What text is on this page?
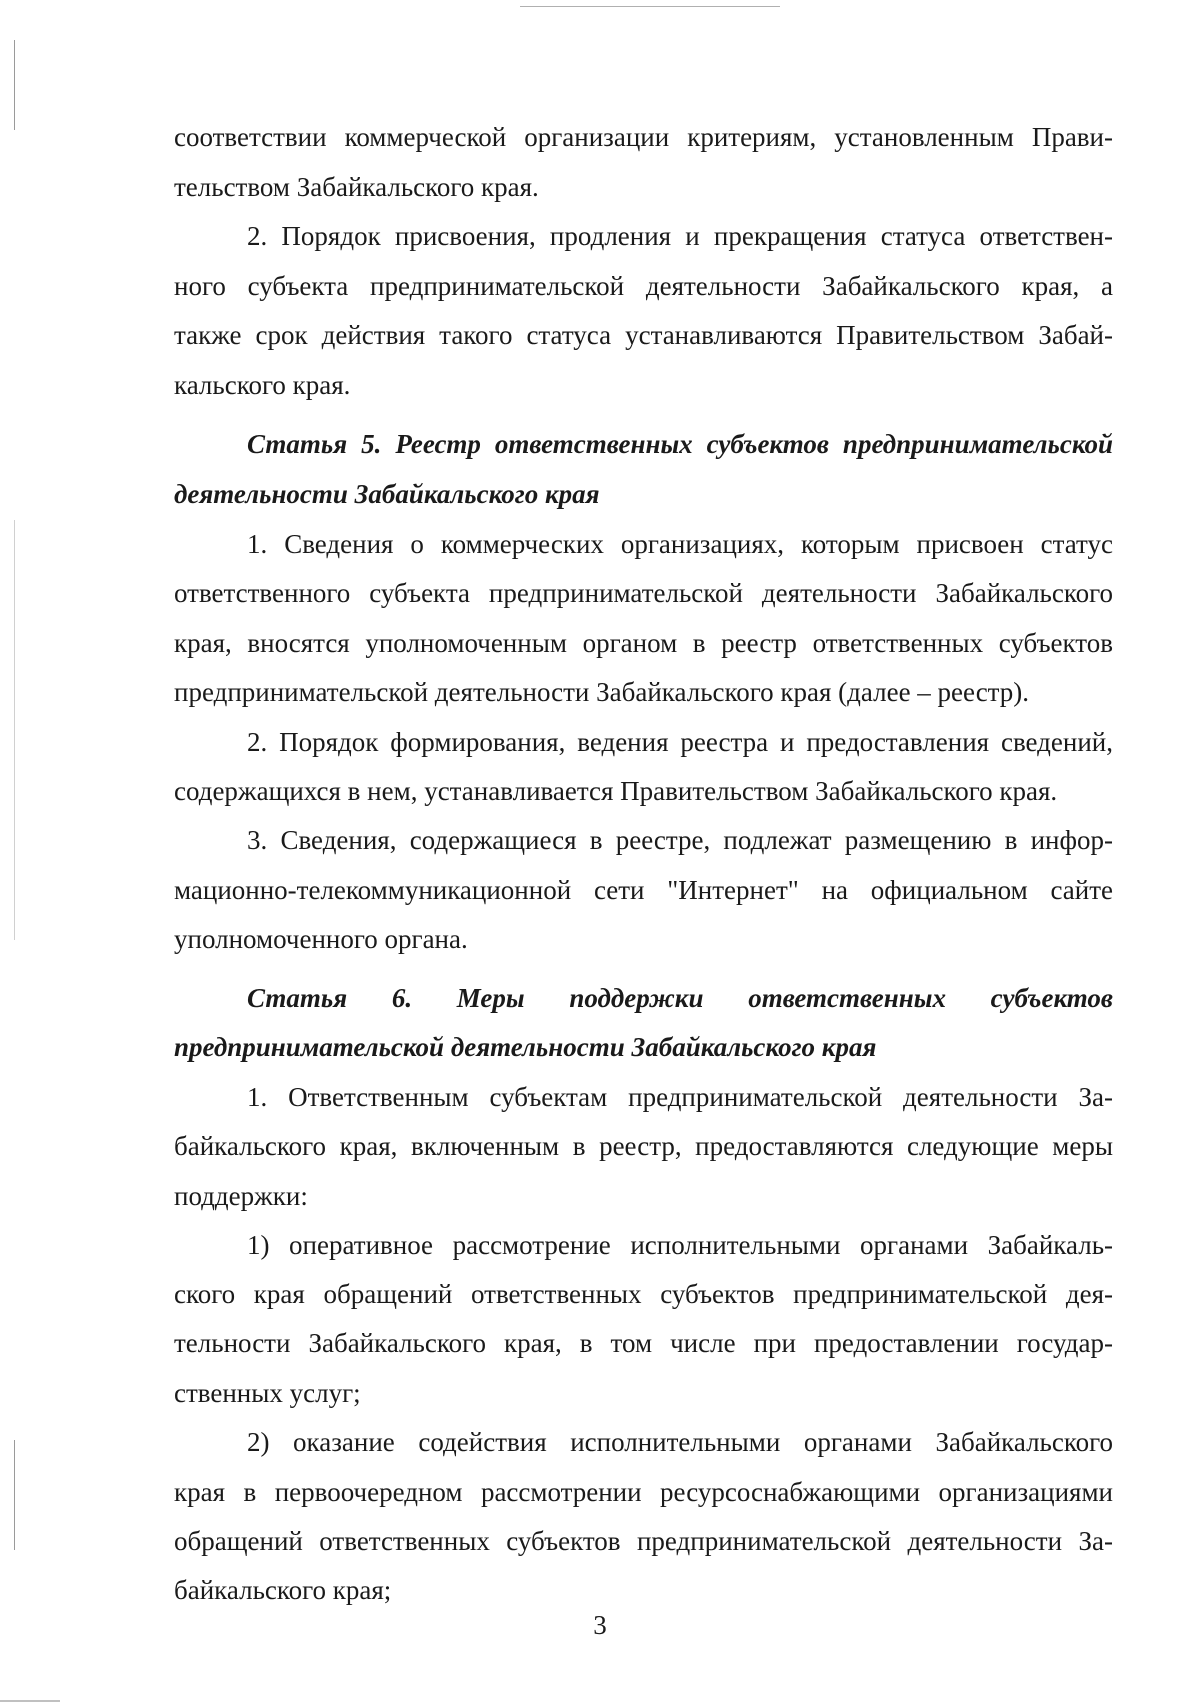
соответствии коммерческой организации критериям, установленным Прави-
тельством Забайкальского края.
2. Порядок присвоения, продления и прекращения статуса ответствен-
ного субъекта предпринимательской деятельности Забайкальского края, а
также срок действия такого статуса устанавливаются Правительством Забай-
кальского края.
Статья 5. Реестр ответственных субъектов предпринимательской
деятельности Забайкальского края
1. Сведения о коммерческих организациях, которым присвоен статус
ответственного субъекта предпринимательской деятельности Забайкальского
края, вносятся уполномоченным органом в реестр ответственных субъектов
предпринимательской деятельности Забайкальского края (далее – реестр).
2. Порядок формирования, ведения реестра и предоставления сведений,
содержащихся в нем, устанавливается Правительством Забайкальского края.
3. Сведения, содержащиеся в реестре, подлежат размещению в инфор-
мационно-телекоммуникационной сети "Интернет" на официальном сайте
уполномоченного органа.
Статья 6. Меры поддержки ответственных субъектов
предпринимательской деятельности Забайкальского края
1. Ответственным субъектам предпринимательской деятельности За-
байкальского края, включенным в реестр, предоставляются следующие меры
поддержки:
1) оперативное рассмотрение исполнительными органами Забайкаль-
ского края обращений ответственных субъектов предпринимательской дея-
тельности Забайкальского края, в том числе при предоставлении государ-
ственных услуг;
2) оказание содействия исполнительными органами Забайкальского
края в первоочередном рассмотрении ресурсоснабжающими организациями
обращений ответственных субъектов предпринимательской деятельности За-
байкальского края;
3
